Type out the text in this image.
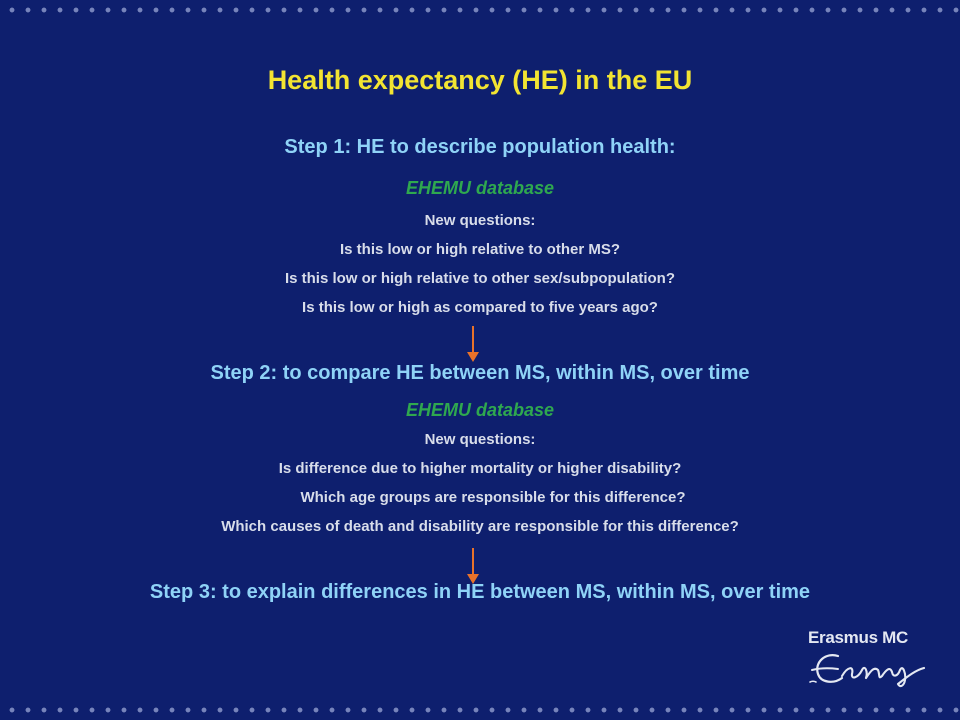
Health expectancy (HE) in the EU
Step 1: HE to describe population health:
EHEMU database
New questions:
Is this low or high relative to other MS?
Is this low or high relative to other sex/subpopulation?
Is this low or high as compared to five years ago?
Step 2: to compare HE between MS, within MS, over time
EHEMU database
New questions:
Is difference due to higher mortality or higher disability?
Which age groups are responsible for this difference?
Which causes of death and disability are responsible for this difference?
Step 3: to explain differences in HE between MS, within MS, over time
Erasmus MC
